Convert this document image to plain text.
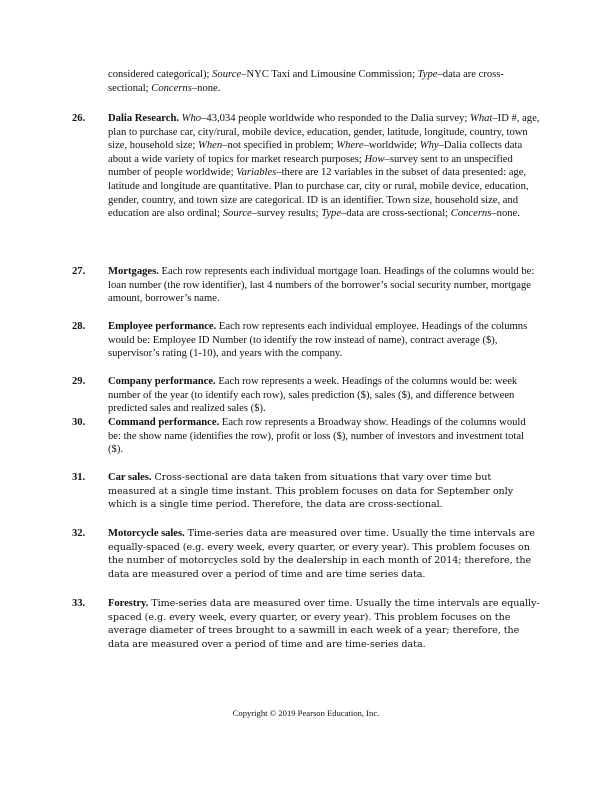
considered categorical); Source–NYC Taxi and Limousine Commission; Type–data are cross-sectional; Concerns–none.
26. Dalia Research. Who–43,034 people worldwide who responded to the Dalia survey; What–ID #, age, plan to purchase car, city/rural, mobile device, education, gender, latitude, longitude, country, town size, household size; When–not specified in problem; Where–worldwide; Why–Dalia collects data about a wide variety of topics for market research purposes; How–survey sent to an unspecified number of people worldwide; Variables–there are 12 variables in the subset of data presented: age, latitude and longitude are quantitative. Plan to purchase car, city or rural, mobile device, education, gender, country, and town size are categorical. ID is an identifier. Town size, household size, and education are also ordinal; Source–survey results; Type–data are cross-sectional; Concerns–none.
27. Mortgages. Each row represents each individual mortgage loan. Headings of the columns would be: loan number (the row identifier), last 4 numbers of the borrower’s social security number, mortgage amount, borrower’s name.
28. Employee performance. Each row represents each individual employee. Headings of the columns would be: Employee ID Number (to identify the row instead of name), contract average ($), supervisor’s rating (1-10), and years with the company.
29. Company performance. Each row represents a week. Headings of the columns would be: week number of the year (to identify each row), sales prediction ($), sales ($), and difference between predicted sales and realized sales ($).
30. Command performance. Each row represents a Broadway show. Headings of the columns would be: the show name (identifies the row), profit or loss ($), number of investors and investment total ($).
31. Car sales. Cross-sectional are data taken from situations that vary over time but measured at a single time instant. This problem focuses on data for September only which is a single time period. Therefore, the data are cross-sectional.
32. Motorcycle sales. Time-series data are measured over time. Usually the time intervals are equally-spaced (e.g. every week, every quarter, or every year). This problem focuses on the number of motorcycles sold by the dealership in each month of 2014; therefore, the data are measured over a period of time and are time series data.
33. Forestry. Time-series data are measured over time. Usually the time intervals are equally-spaced (e.g. every week, every quarter, or every year). This problem focuses on the average diameter of trees brought to a sawmill in each week of a year; therefore, the data are measured over a period of time and are time-series data.
Copyright © 2019 Pearson Education, Inc.
